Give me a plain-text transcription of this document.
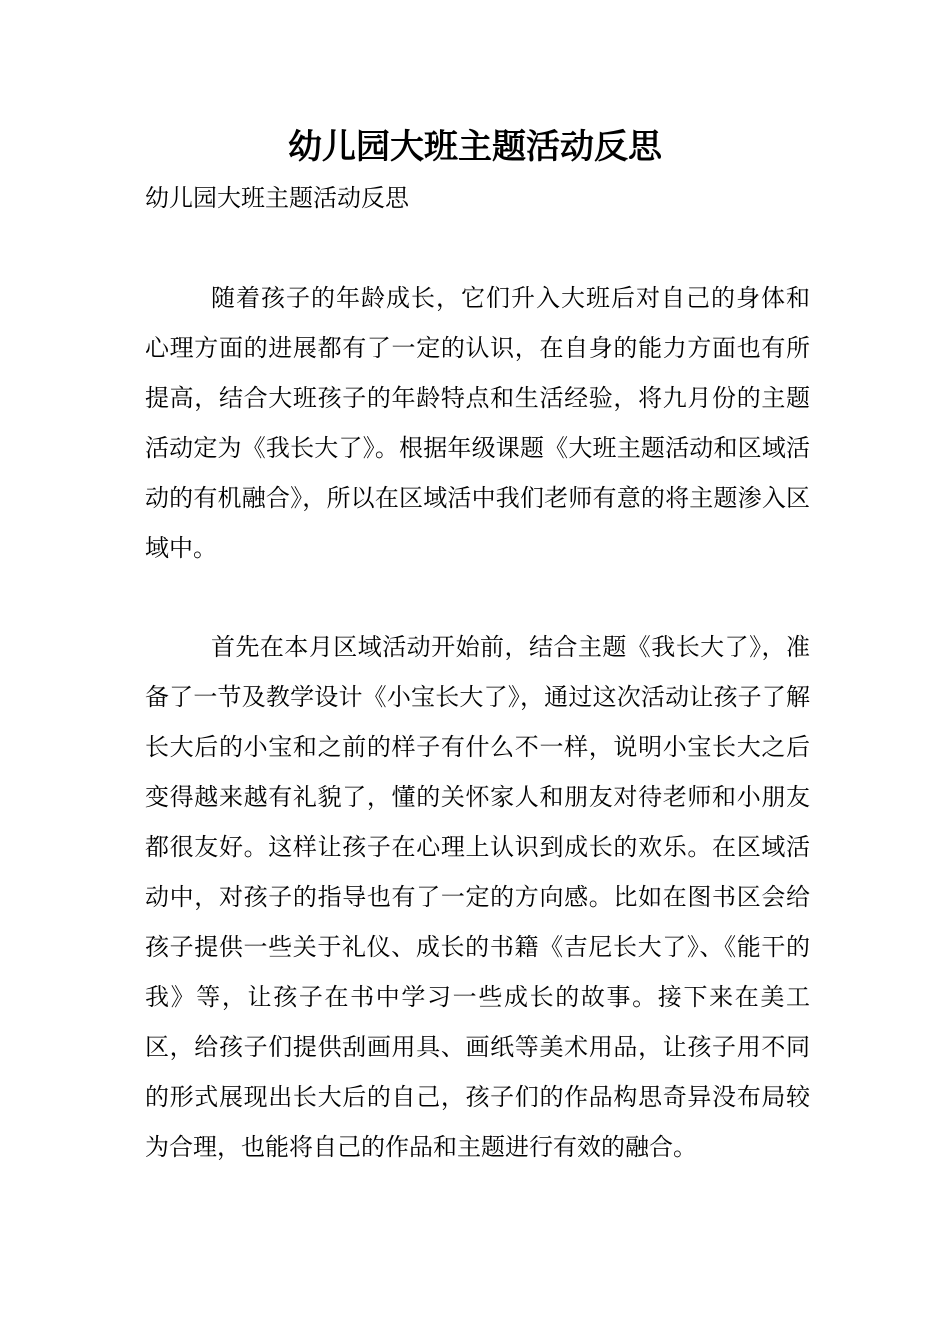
幼儿园大班主题活动反思
幼儿园大班主题活动反思

随着孩子的年龄成长，它们升入大班后对自己的身体和心理方面的进展都有了一定的认识，在自身的能力方面也有所提高，结合大班孩子的年龄特点和生活经验，将九月份的主题活动定为《我长大了》。根据年级课题《大班主题活动和区域活动的有机融合》，所以在区域活中我们老师有意的将主题渗入区域中。

首先在本月区域活动开始前，结合主题《我长大了》，准备了一节及教学设计《小宝长大了》，通过这次活动让孩子了解长大后的小宝和之前的样子有什么不一样，说明小宝长大之后变得越来越有礼貌了，懂的关怀家人和朋友对待老师和小朋友都很友好。这样让孩子在心理上认识到成长的欢乐。在区域活动中，对孩子的指导也有了一定的方向感。比如在图书区会给孩子提供一些关于礼仪、成长的书籍《吉尼长大了》、《能干的我》等，让孩子在书中学习一些成长的故事。接下来在美工区，给孩子们提供刮画用具、画纸等美术用品，让孩子用不同的形式展现出长大后的自己，孩子们的作品构思奇异没布局较为合理，也能将自己的作品和主题进行有效的融合。
